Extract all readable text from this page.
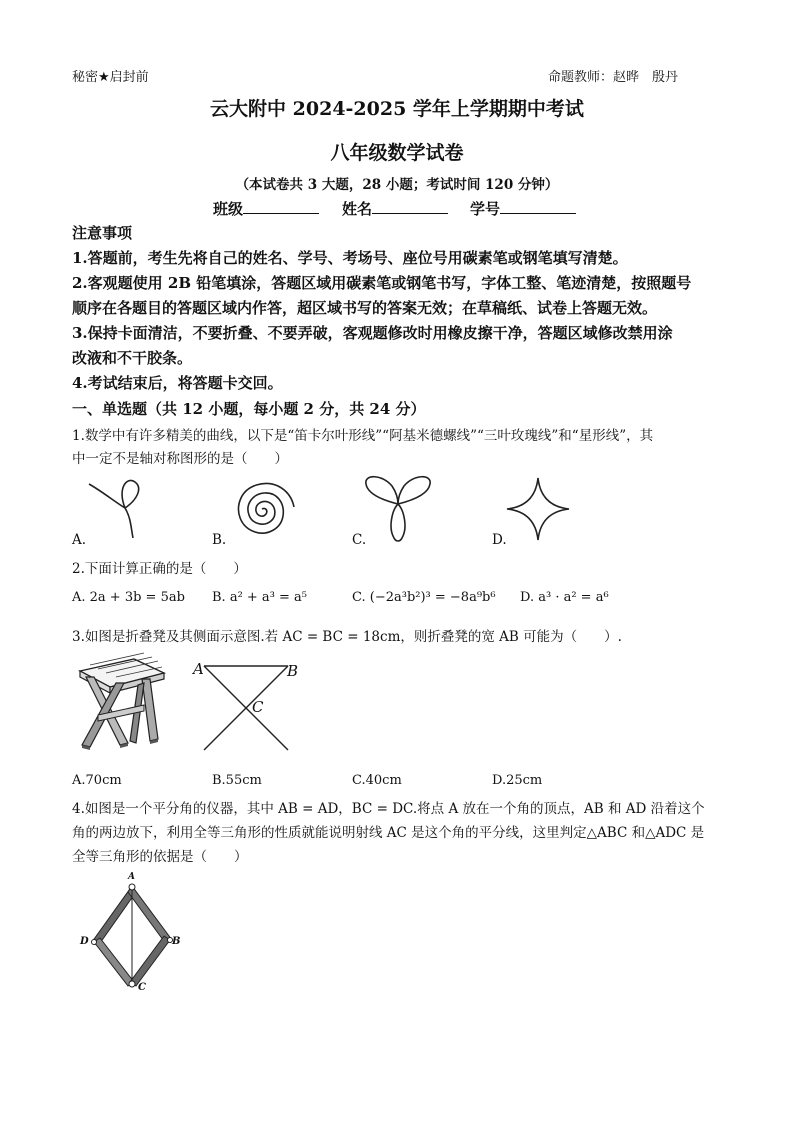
秘密★启封前	命题教师：赵晔　殷丹
云大附中 2024-2025 学年上学期期中考试
八年级数学试卷
（本试卷共 3 大题，28 小题；考试时间 120 分钟）
班级	姓名	学号
注意事项
1.答题前，考生先将自己的姓名、学号、考场号、座位号用碳素笔或钢笔填写清楚。
2.客观题使用 2B 铅笔填涂，答题区域用碳素笔或钢笔书写，字体工整、笔迹清楚，按照题号
顺序在各题目的答题区域内作答，超区域书写的答案无效；在草稿纸、试卷上答题无效。
3.保持卡面清洁，不要折叠、不要弄破，客观题修改时用橡皮擦干净，答题区域修改禁用涂
改液和不干胶条。
4.考试结束后，将答题卡交回。
一、单选题（共 12 小题，每小题 2 分，共 24 分）
1.数学中有许多精美的曲线，以下是“笛卡尔叶形线”“阿基米德螺线”“三叶玫瑰线”和“星形线”，其
中一定不是轴对称图形的是（　　）
A.	B.	C.	D.
2.下面计算正确的是（　　）
A. 2a + 3b = 5ab B. a² + a³ = a⁵	C. (−2a³b²)³ = −8a⁹b⁶ D. a³ · a² = a⁶
3.如图是折叠凳及其侧面示意图.若 AC = BC = 18cm，则折叠凳的宽 AB 可能为（　　）.
A	B
C
A.70cm	B.55cm	C.40cm	D.25cm
4.如图是一个平分角的仪器，其中 AB = AD，BC = DC.将点 A 放在一个角的顶点，AB 和 AD 沿着这个
角的两边放下，利用全等三角形的性质就能说明射线 AC 是这个角的平分线，这里判定△ABC 和△ADC 是
全等三角形的依据是（　　）
A
B
C
D
